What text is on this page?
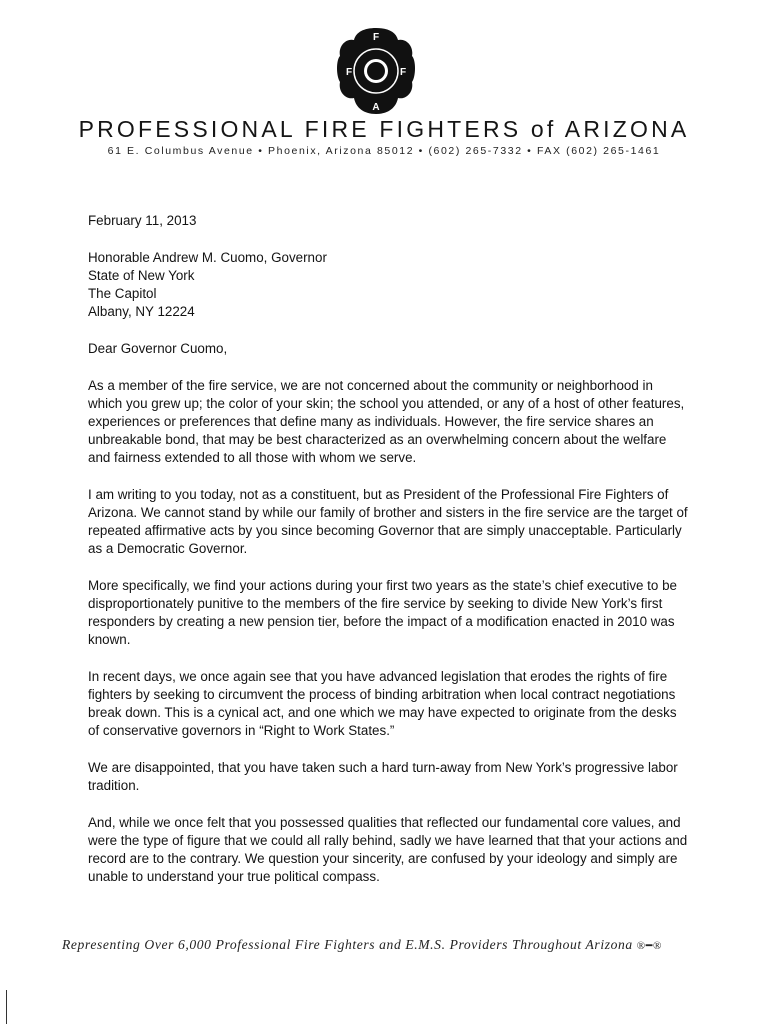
F
F	F
A
PROFESSIONAL FIRE FIGHTERS of ARIZONA
61 E. Columbus Avenue • Phoenix, Arizona 85012 • (602) 265-7332 • FAX (602) 265-1461

February 11, 2013

Honorable Andrew M. Cuomo, Governor
State of New York
The Capitol
Albany, NY 12224

Dear Governor Cuomo,

As a member of the fire service, we are not concerned about the community or neighborhood in which you grew up; the color of your skin; the school you attended, or any of a host of other features, experiences or preferences that define many as individuals. However, the fire service shares an unbreakable bond, that may be best characterized as an overwhelming concern about the welfare and fairness extended to all those with whom we serve.

I am writing to you today, not as a constituent, but as President of the Professional Fire Fighters of Arizona. We cannot stand by while our family of brother and sisters in the fire service are the target of repeated affirmative acts by you since becoming Governor that are simply unacceptable. Particularly as a Democratic Governor.

More specifically, we find your actions during your first two years as the state’s chief executive to be disproportionately punitive to the members of the fire service by seeking to divide New York’s first responders by creating a new pension tier, before the impact of a modification enacted in 2010 was known.

In recent days, we once again see that you have advanced legislation that erodes the rights of fire fighters by seeking to circumvent the process of binding arbitration when local contract negotiations break down. This is a cynical act, and one which we may have expected to originate from the desks of conservative governors in “Right to Work States.”

We are disappointed, that you have taken such a hard turn-away from New York’s progressive labor tradition.

And, while we once felt that you possessed qualities that reflected our fundamental core values, and were the type of figure that we could all rally behind, sadly we have learned that that your actions and record are to the contrary. We question your sincerity, are confused by your ideology and simply are unable to understand your true political compass.

Representing Over 6,000 Professional Fire Fighters and E.M.S. Providers Throughout Arizona ®━®
